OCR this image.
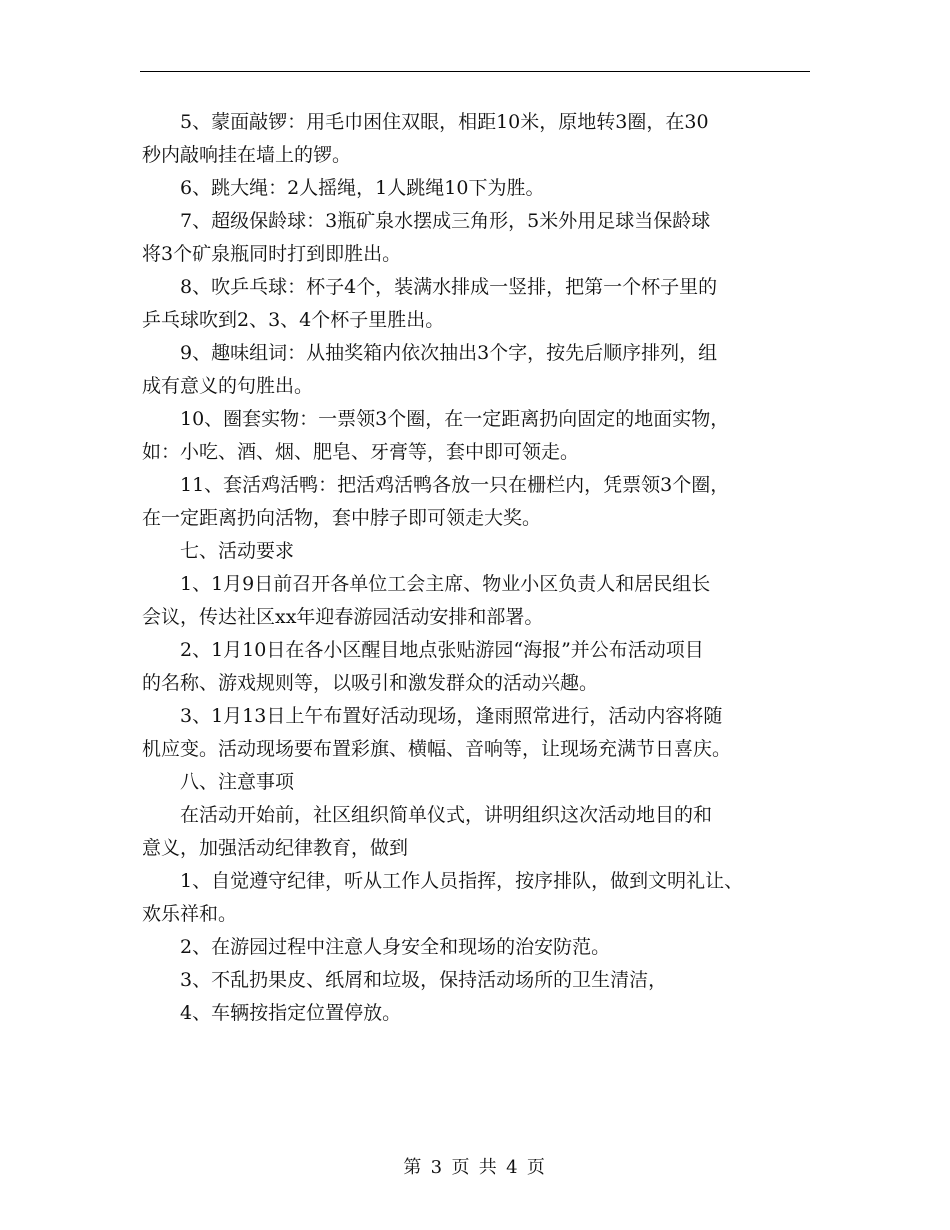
5、蒙面敲锣：用毛巾困住双眼，相距10米，原地转3圈，在30
秒内敲响挂在墙上的锣。

6、跳大绳：2人摇绳，1人跳绳10下为胜。

7、超级保龄球：3瓶矿泉水摆成三角形，5米外用足球当保龄球
将3个矿泉瓶同时打到即胜出。

8、吹乒乓球：杯子4个，装满水排成一竖排，把第一个杯子里的
乒乓球吹到2、3、4个杯子里胜出。

9、趣味组词：从抽奖箱内依次抽出3个字，按先后顺序排列，组
成有意义的句胜出。

10、圈套实物：一票领3个圈，在一定距离扔向固定的地面实物，
如：小吃、酒、烟、肥皂、牙膏等，套中即可领走。

11、套活鸡活鸭：把活鸡活鸭各放一只在栅栏内，凭票领3个圈，
在一定距离扔向活物，套中脖子即可领走大奖。

七、活动要求

1、1月9日前召开各单位工会主席、物业小区负责人和居民组长
会议，传达社区xx年迎春游园活动安排和部署。

2、1月10日在各小区醒目地点张贴游园“海报”并公布活动项目
的名称、游戏规则等，以吸引和激发群众的活动兴趣。

3、1月13日上午布置好活动现场，逢雨照常进行，活动内容将随
机应变。活动现场要布置彩旗、横幅、音响等，让现场充满节日喜庆。

八、注意事项

在活动开始前，社区组织简单仪式，讲明组织这次活动地目的和
意义，加强活动纪律教育，做到

1、自觉遵守纪律，听从工作人员指挥，按序排队，做到文明礼让、
欢乐祥和。

2、在游园过程中注意人身安全和现场的治安防范。

3、不乱扔果皮、纸屑和垃圾，保持活动场所的卫生清洁，

4、车辆按指定位置停放。

第 3 页 共 4 页
